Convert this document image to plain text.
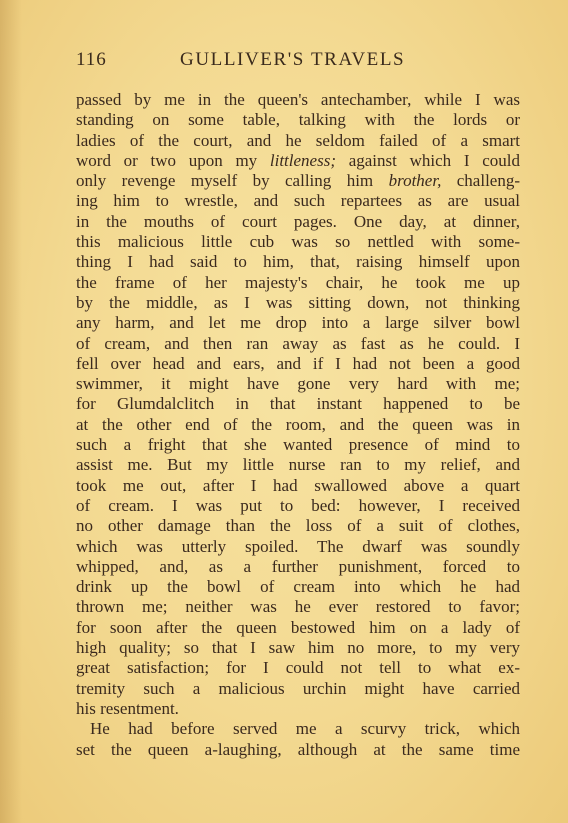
116	GULLIVER'S TRAVELS
passed by me in the queen's antechamber, while I was
standing on some table, talking with the lords or
ladies of the court, and he seldom failed of a smart
word or two upon my littleness; against which I could
only revenge myself by calling him brother, challeng-
ing him to wrestle, and such repartees as are usual
in the mouths of court pages. One day, at dinner,
this malicious little cub was so nettled with some-
thing I had said to him, that, raising himself upon
the frame of her majesty's chair, he took me up
by the middle, as I was sitting down, not thinking
any harm, and let me drop into a large silver bowl
of cream, and then ran away as fast as he could. I
fell over head and ears, and if I had not been a good
swimmer, it might have gone very hard with me;
for Glumdalclitch in that instant happened to be
at the other end of the room, and the queen was in
such a fright that she wanted presence of mind to
assist me. But my little nurse ran to my relief, and
took me out, after I had swallowed above a quart
of cream. I was put to bed: however, I received
no other damage than the loss of a suit of clothes,
which was utterly spoiled. The dwarf was soundly
whipped, and, as a further punishment, forced to
drink up the bowl of cream into which he had
thrown me; neither was he ever restored to favor;
for soon after the queen bestowed him on a lady of
high quality; so that I saw him no more, to my very
great satisfaction; for I could not tell to what ex-
tremity such a malicious urchin might have carried
his resentment.
He had before served me a scurvy trick, which
set the queen a-laughing, although at the same time
